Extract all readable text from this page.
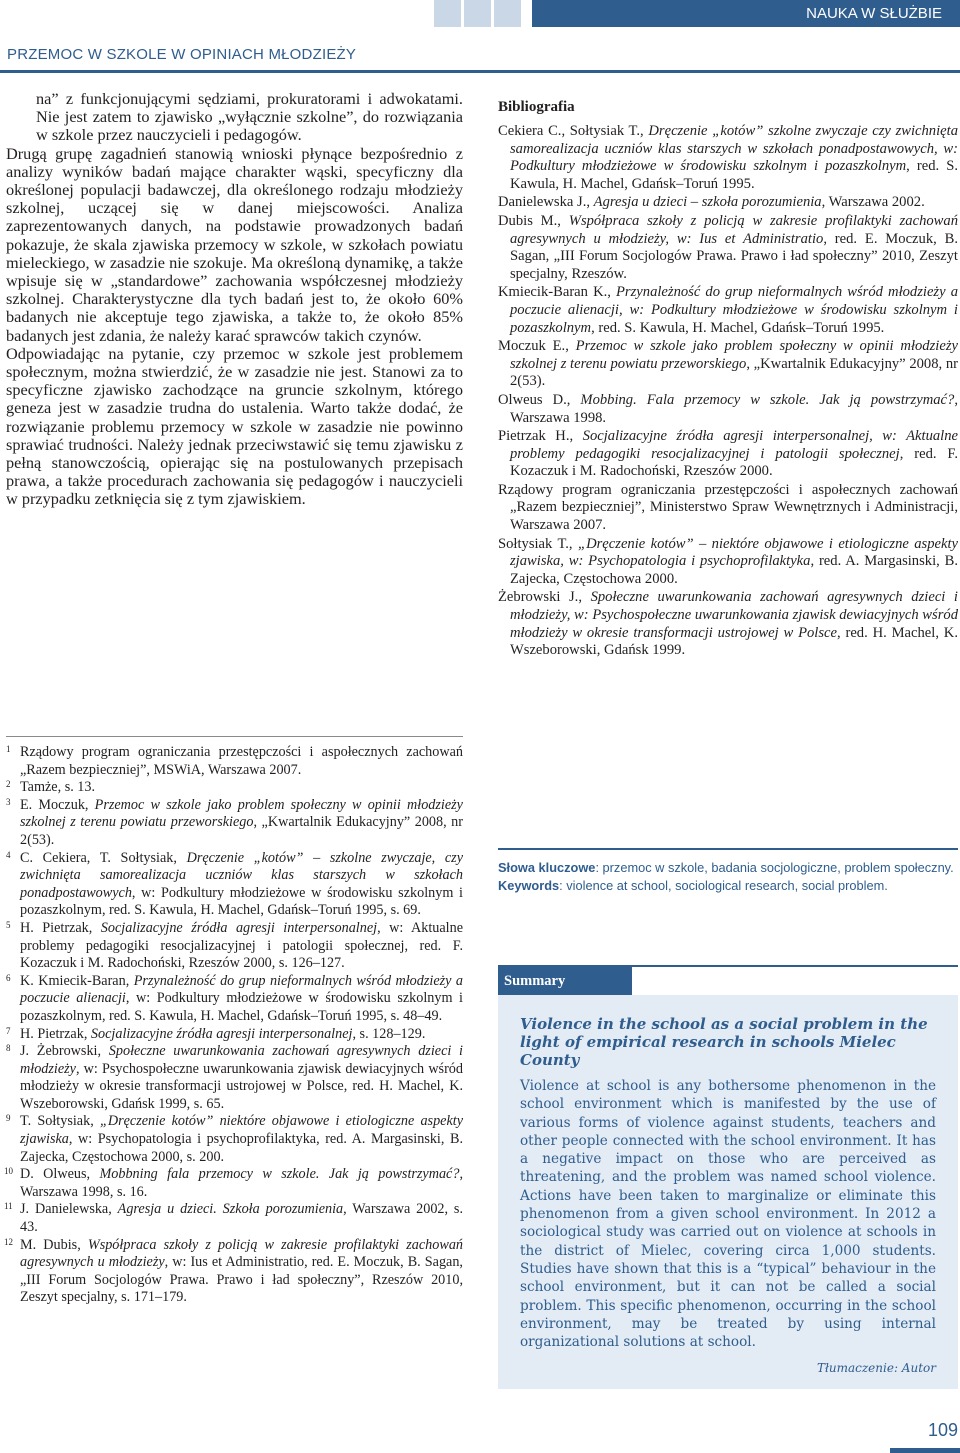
NAUKA W SŁUŻBIE
PRZEMOC W SZKOLE W OPINIACH MŁODZIEŻY

na” z funkcjonującymi sędziami, prokuratorami i adwokatami. Nie jest zatem to zjawisko „wyłącznie szkolne”, do rozwiązania w szkole przez nauczycieli i pedagogów.

Drugą grupę zagadnień stanowią wnioski płynące bezpośrednio z analizy wyników badań mające charakter wąski, specyficzny dla określonej populacji badawczej, dla określonego rodzaju młodzieży szkolnej, uczącej się w danej miejscowości. Analiza zaprezentowanych danych, na podstawie prowadzonych badań pokazuje, że skala zjawiska przemocy w szkole, w szkołach powiatu mieleckiego, w zasadzie nie szokuje. Ma określoną dynamikę, a także wpisuje się w „standardowe” zachowania współczesnej młodzieży szkolnej. Charakterystyczne dla tych badań jest to, że około 60% badanych nie akceptuje tego zjawiska, a także to, że około 85% badanych jest zdania, że należy karać sprawców takich czynów.

Odpowiadając na pytanie, czy przemoc w szkole jest problemem społecznym, można stwierdzić, że w zasadzie nie jest. Stanowi za to specyficzne zjawisko zachodzące na gruncie szkolnym, którego geneza jest w zasadzie trudna do ustalenia. Warto także dodać, że rozwiązanie problemu przemocy w szkole w zasadzie nie powinno sprawiać trudności. Należy jednak przeciwstawić się temu zjawisku z pełną stanowczością, opierając się na postulowanych przepisach prawa, a także procedurach zachowania się pedagogów i nauczycieli w przypadku zetknięcia się z tym zjawiskiem.

1 Rządowy program ograniczania przestępczości i aspołecznych zachowań „Razem bezpieczniej”, MSWiA, Warszawa 2007.

2 Tamże, s. 13.

3 E. Moczuk, Przemoc w szkole jako problem społeczny w opinii młodzieży szkolnej z terenu powiatu przeworskiego, „Kwartalnik Edukacyjny” 2008, nr 2(53).

4 C. Cekiera, T. Sołtysiak, Dręczenie „kotów” – szkolne zwyczaje, czy zwichnięta samorealizacja uczniów klas starszych w szkołach ponadpostawowych, w: Podkultury młodzieżowe w środowisku szkolnym i pozaszkolnym, red. S. Kawula, H. Machel, Gdańsk–Toruń 1995, s. 69.

5 H. Pietrzak, Socjalizacyjne źródła agresji interpersonalnej, w: Aktualne problemy pedagogiki resocjalizacyjnej i patologii społecznej, red. F. Kozaczuk i M. Radochoński, Rzeszów 2000, s. 126–127.

6 K. Kmiecik-Baran, Przynależność do grup nieformalnych wśród młodzieży a poczucie alienacji, w: Podkultury młodzieżowe w środowisku szkolnym i pozaszkolnym, red. S. Kawula, H. Machel, Gdańsk–Toruń 1995, s. 48–49.

7 H. Pietrzak, Socjalizacyjne źródła agresji interpersonalnej, s. 128–129.

8 J. Żebrowski, Społeczne uwarunkowania zachowań agresywnych dzieci i młodzieży, w: Psychospołeczne uwarunkowania zjawisk dewiacyjnych wśród młodzieży w okresie transformacji ustrojowej w Polsce, red. H. Machel, K. Wszeborowski, Gdańsk 1999, s. 65.

9 T. Sołtysiak, „Dręczenie kotów” niektóre objawowe i etiologiczne aspekty zjawiska, w: Psychopatologia i psychoprofilaktyka, red. A. Margasinski, B. Zajecka, Częstochowa 2000, s. 200.

10 D. Olweus, Mobbning fala przemocy w szkole. Jak ją powstrzymać?, Warszawa 1998, s. 16.

11 J. Danielewska, Agresja u dzieci. Szkoła porozumienia, Warszawa 2002, s. 43.

12 M. Dubis, Współpraca szkoły z policją w zakresie profilaktyki zachowań agresywnych u młodzieży, w: Ius et Administratio, red. E. Moczuk, B. Sagan, „III Forum Socjologów Prawa. Prawo i ład społeczny”, Rzeszów 2010, Zeszyt specjalny, s. 171–179.

Bibliografia

Cekiera C., Sołtysiak T., Dręczenie „kotów” szkolne zwyczaje czy zwichnięta samorealizacja uczniów klas starszych w szkołach ponadpostawowych, w: Podkultury młodzieżowe w środowisku szkolnym i pozaszkolnym, red. S. Kawula, H. Machel, Gdańsk–Toruń 1995.

Danielewska J., Agresja u dzieci – szkoła porozumienia, Warszawa 2002.

Dubis M., Współpraca szkoły z policją w zakresie profilaktyki zachowań agresywnych u młodzieży, w: Ius et Administratio, red. E. Moczuk, B. Sagan, „III Forum Socjologów Prawa. Prawo i ład społeczny” 2010, Zeszyt specjalny, Rzeszów.

Kmiecik-Baran K., Przynależność do grup nieformalnych wśród młodzieży a poczucie alienacji, w: Podkultury młodzieżowe w środowisku szkolnym i pozaszkolnym, red. S. Kawula, H. Machel, Gdańsk–Toruń 1995.

Moczuk E., Przemoc w szkole jako problem społeczny w opinii młodzieży szkolnej z terenu powiatu przeworskiego, „Kwartalnik Edukacyjny” 2008, nr 2(53).

Olweus D., Mobbing. Fala przemocy w szkole. Jak ją powstrzymać?, Warszawa 1998.

Pietrzak H., Socjalizacyjne źródła agresji interpersonalnej, w: Aktualne problemy pedagogiki resocjalizacyjnej i patologii społecznej, red. F. Kozaczuk i M. Radochoński, Rzeszów 2000.

Rządowy program ograniczania przestępczości i aspołecznych zachowań „Razem bezpieczniej”, Ministerstwo Spraw Wewnętrznych i Administracji, Warszawa 2007.

Sołtysiak T., „Dręczenie kotów” – niektóre objawowe i etiologiczne aspekty zjawiska, w: Psychopatologia i psychoprofilaktyka, red. A. Margasinski, B. Zajecka, Częstochowa 2000.

Żebrowski J., Społeczne uwarunkowania zachowań agresywnych dzieci i młodzieży, w: Psychospołeczne uwarunkowania zjawisk dewiacyjnych wśród młodzieży w okresie transformacji ustrojowej w Polsce, red. H. Machel, K. Wszeborowski, Gdańsk 1999.

Słowa kluczowe: przemoc w szkole, badania socjologiczne, problem społeczny.

Keywords: violence at school, sociological research, social problem.

Summary

Violence in the school as a social problem in the light of empirical research in schools Mielec County

Violence at school is any bothersome phenomenon in the school environment which is manifested by the use of various forms of violence against students, teachers and other people connected with the school environment. It has a negative impact on those who are perceived as threatening, and the problem was named school violence. Actions have been taken to marginalize or eliminate this phenomenon from a given school environment. In 2012 a sociological study was carried out on violence at schools in the district of Mielec, covering circa 1,000 students. Studies have shown that this is a “typical” behaviour in the school environment, but it can not be called a social problem. This specific phenomenon, occurring in the school environment, may be treated by using internal organizational solutions at school.

Tłumaczenie: Autor

109
